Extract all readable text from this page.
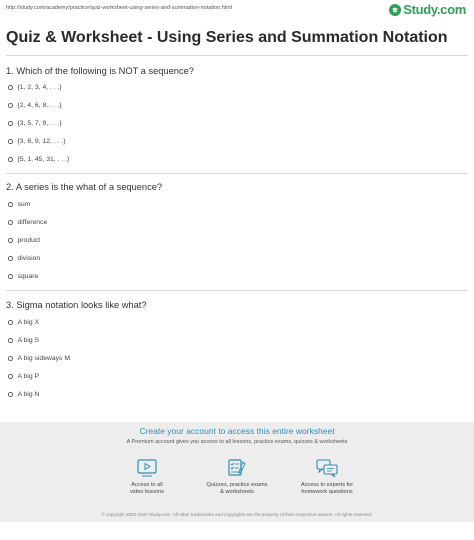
http://study.com/academy/practice/quiz-worksheet-using-series-and-summation-notation.html	Study.com
Quiz & Worksheet - Using Series and Summation Notation
1. Which of the following is NOT a sequence?
{1, 2, 3, 4, . . .}
{2, 4, 6, 8, . . .}
{3, 5, 7, 9, . . .}
{3, 6, 9, 12, . . .}
{5, 1, 45, 31, . . .}
2. A series is the what of a sequence?
sum
difference
product
division
square
3. Sigma notation looks like what?
A big X
A big S
A big sideways M
A big P
A big N
Create your account to access this entire worksheet
A Premium account gives you access to all lessons, practice exams, quizzes & worksheets
Access to all
video lessons
Quizzes, practice exams
& worksheets
Access to experts for
homework questions
© copyright 2003-2020 Study.com. All other trademarks and copyrights are the property of their respective owners. All rights reserved.
